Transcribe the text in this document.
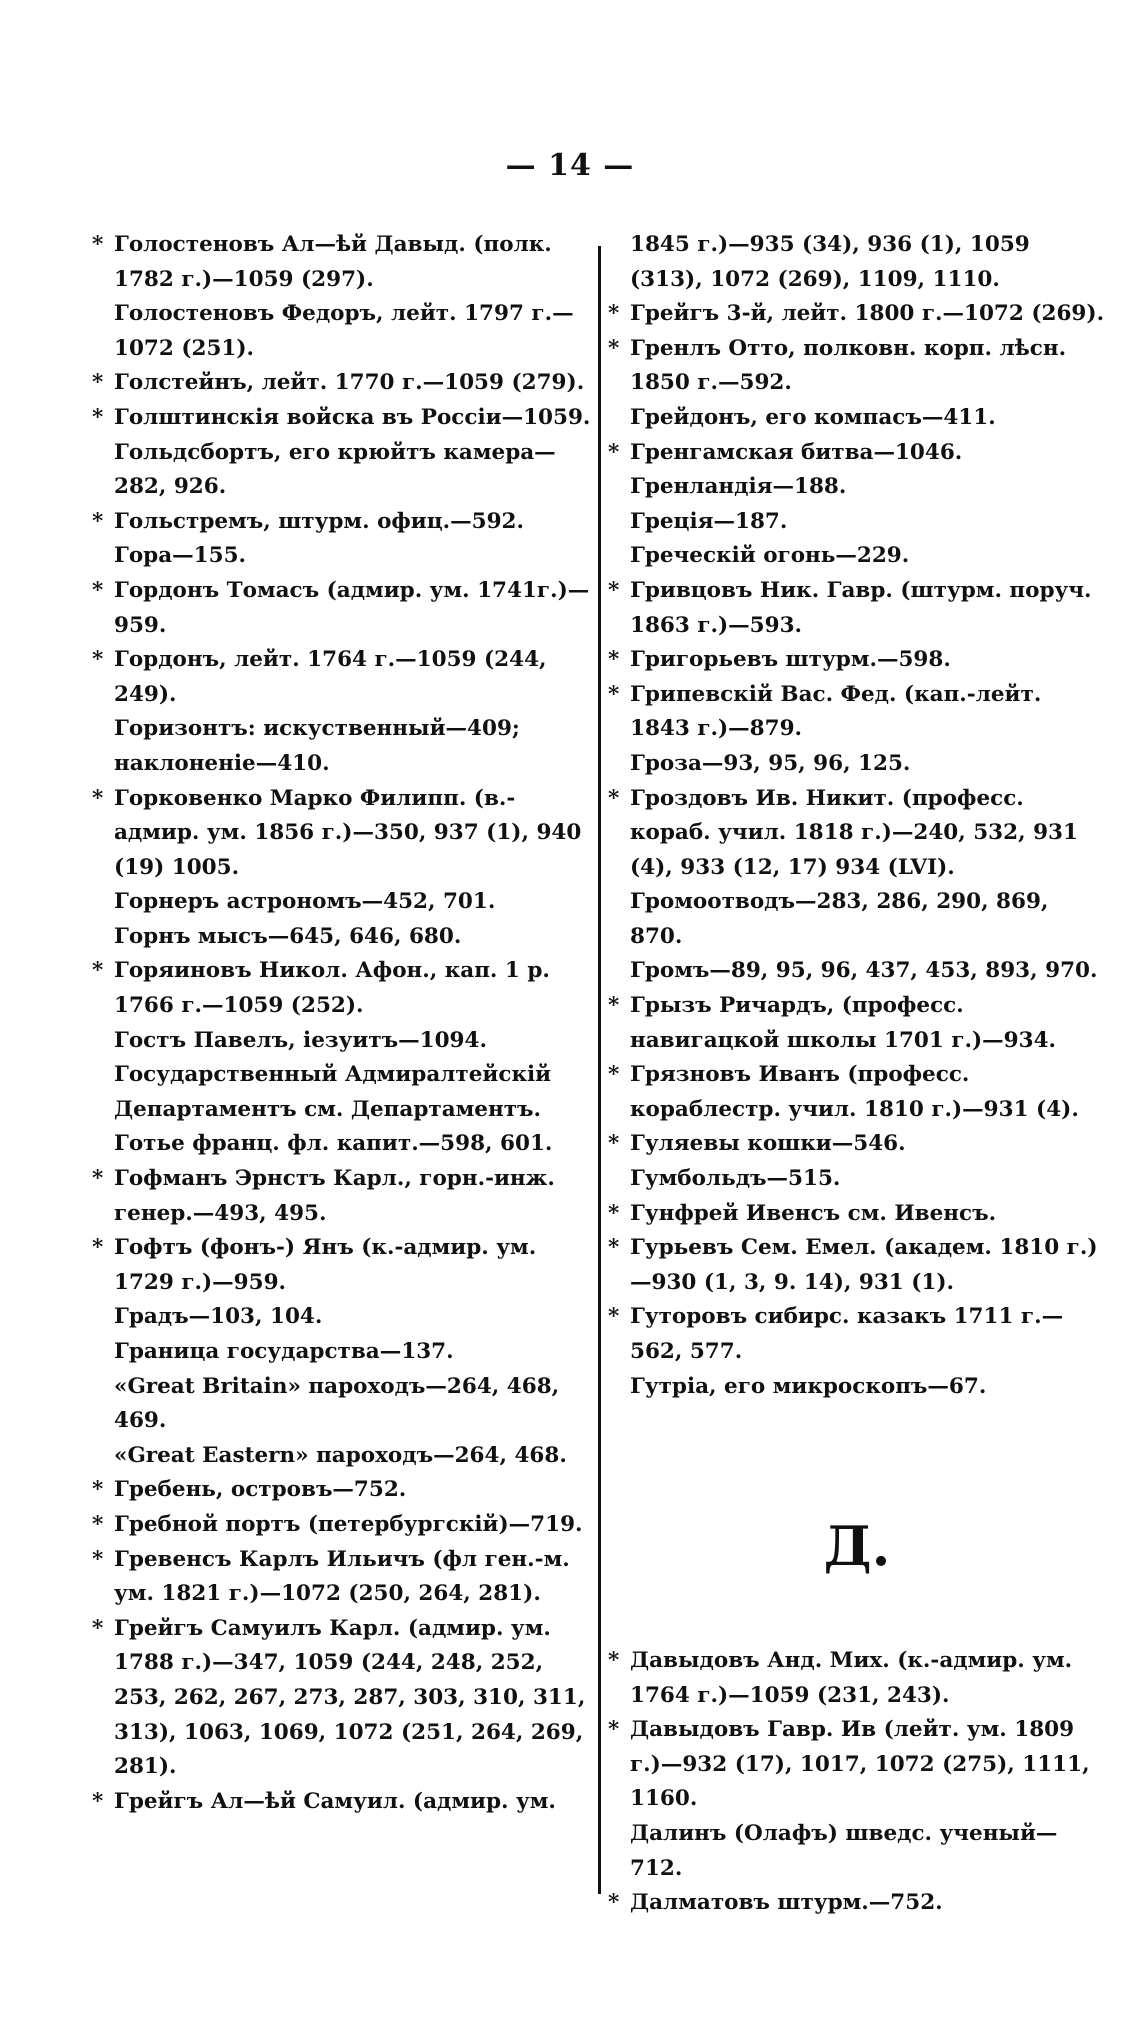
— 14 —
* Голостеновъ Ал—ѣй Давыд. (полк. 1782 г.)—1059 (297).
Голостеновъ Федоръ, лейт. 1797 г.—1072 (251).
* Голстейнъ, лейт. 1770 г.—1059 (279).
* Голштинскія войска въ Россіи—1059.
Гольдсбортъ, его крюйтъ камера—282, 926.
* Гольстремъ, штурм. офиц.—592.
Гора—155.
* Гордонъ Томасъ (адмир. ум. 1741г.)—959.
* Гордонъ, лейт. 1764 г.—1059 (244, 249).
Горизонтъ: искуственный—409; наклоненіе—410.
* Горковенко Марко Филипп. (в.-адмир. ум. 1856 г.)—350, 937 (1), 940 (19) 1005.
Горнеръ астрономъ—452, 701.
Горнъ мысъ—645, 646, 680.
* Горяиновъ Никол. Афон., кап. 1 р. 1766 г.—1059 (252).
Гостъ Павелъ, іезуитъ—1094.
Государственный Адмиралтейскій Департаментъ см. Департаментъ.
Готье франц. фл. капит.—598, 601.
* Гофманъ Эрнстъ Карл., горн.-инж. генер.—493, 495.
* Гофтъ (фонъ-) Янъ (к.-адмир. ум. 1729 г.)—959.
Градъ—103, 104.
Граница государства—137.
«Great Britain» пароходъ—264, 468, 469.
«Great Eastern» пароходъ—264, 468.
* Гребень, островъ—752.
* Гребной портъ (петербургскій)—719.
* Гревенсъ Карлъ Ильичъ (фл ген.-м. ум. 1821 г.)—1072 (250, 264, 281).
* Грейгъ Самуилъ Карл. (адмир. ум. 1788 г.)—347, 1059 (244, 248, 252, 253, 262, 267, 273, 287, 303, 310, 311, 313), 1063, 1069, 1072 (251, 264, 269, 281).
* Грейгъ Ал—ѣй Самуил. (адмир. ум.
1845 г.)—935 (34), 936 (1), 1059 (313), 1072 (269), 1109, 1110.
* Грейгъ 3-й, лейт. 1800 г.—1072 (269).
* Гренлъ Отто, полковн. корп. лѣсн. 1850 г.—592.
Грейдонъ, его компасъ—411.
* Гренгамская битва—1046.
Гренландія—188.
Греція—187.
Греческій огонь—229.
* Гривцовъ Ник. Гавр. (штурм. поруч. 1863 г.)—593.
* Григорьевъ штурм.—598.
* Грипевскій Вас. Фед. (кап.-лейт. 1843 г.)—879.
Гроза—93, 95, 96, 125.
* Гроздовъ Ив. Никит. (професс. кораб. учил. 1818 г.)—240, 532, 931 (4), 933 (12, 17) 934 (LVI).
Громоотводъ—283, 286, 290, 869, 870.
Громъ—89, 95, 96, 437, 453, 893, 970.
* Грызъ Ричардъ, (професс. навигацкой школы 1701 г.)—934.
* Грязновъ Иванъ (професс. кораблестр. учил. 1810 г.)—931 (4).
* Гуляевы кошки—546.
Гумбольдъ—515.
* Гунфрей Ивенсъ см. Ивенсъ.
* Гурьевъ Сем. Емел. (академ. 1810 г.)—930 (1, 3, 9. 14), 931 (1).
* Гуторовъ сибирс. казакъ 1711 г.—562, 577.
Гутріа, его микроскопъ—67.
Д.
* Давыдовъ Анд. Мих. (к.-адмир. ум. 1764 г.)—1059 (231, 243).
* Давыдовъ Гавр. Ив (лейт. ум. 1809 г.)—932 (17), 1017, 1072 (275), 1111, 1160.
Далинъ (Олафъ) шведс. ученый—712.
* Далматовъ штурм.—752.
